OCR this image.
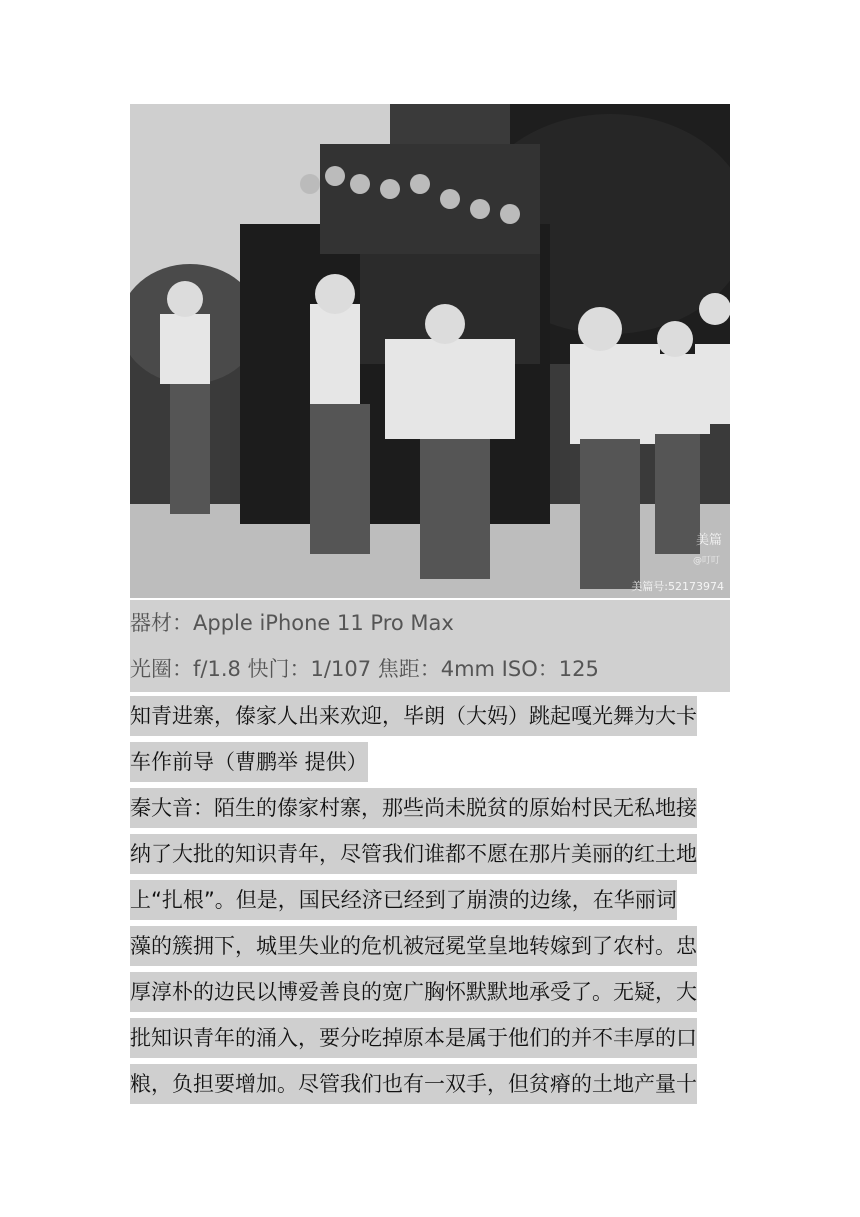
美篇
@叮叮
美篇号:52173974
器材：Apple iPhone 11 Pro Max
光圈：f/1.8 快门：1/107 焦距：4mm ISO：125
知青进寨，傣家人出来欢迎，毕朗（大妈）跳起嘎光舞为大卡
车作前导（曹鹏举 提供）
秦大音：陌生的傣家村寨，那些尚未脱贫的原始村民无私地接
纳了大批的知识青年，尽管我们谁都不愿在那片美丽的红土地
上“扎根”。但是，国民经济已经到了崩溃的边缘，在华丽词
藻的簇拥下，城里失业的危机被冠冕堂皇地转嫁到了农村。忠
厚淳朴的边民以博爱善良的宽广胸怀默默地承受了。无疑，大
批知识青年的涌入，要分吃掉原本是属于他们的并不丰厚的口
粮，负担要增加。尽管我们也有一双手，但贫瘠的土地产量十
